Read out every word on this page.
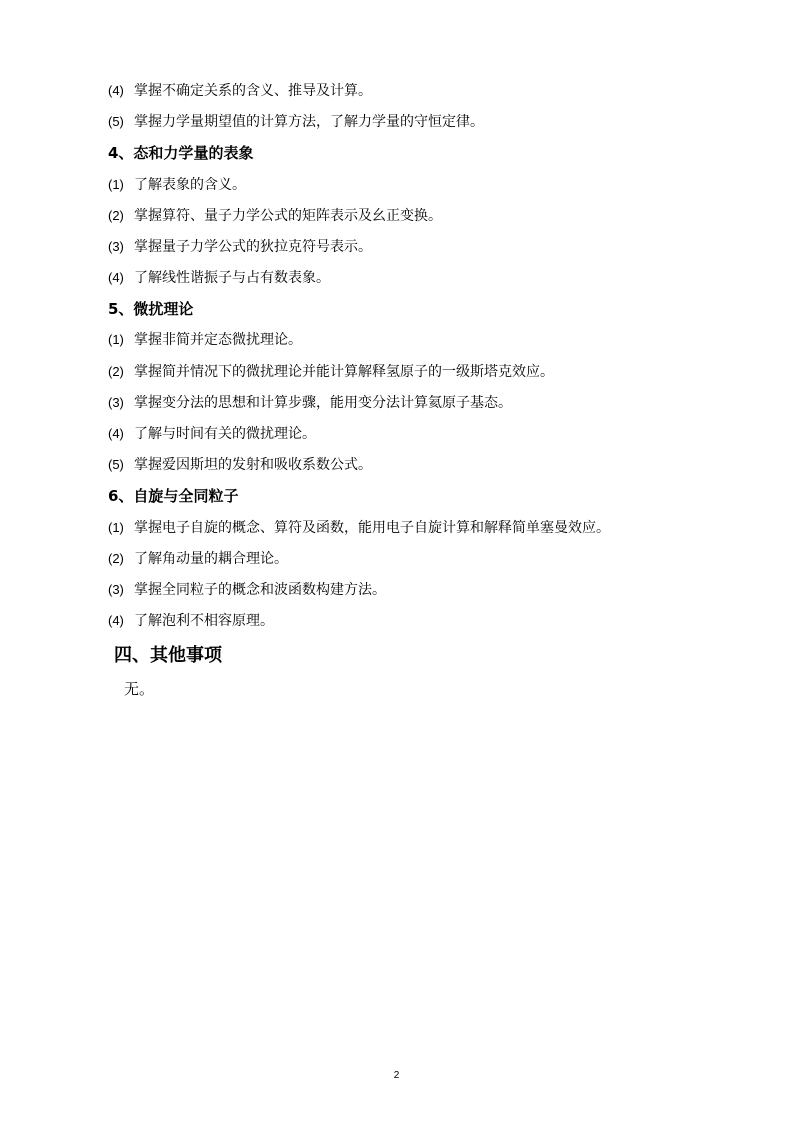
(4) 掌握不确定关系的含义、推导及计算。
(5) 掌握力学量期望值的计算方法，了解力学量的守恒定律。
4、态和力学量的表象
(1) 了解表象的含义。
(2) 掌握算符、量子力学公式的矩阵表示及幺正变换。
(3) 掌握量子力学公式的狄拉克符号表示。
(4) 了解线性谐振子与占有数表象。
5、微扰理论
(1) 掌握非简并定态微扰理论。
(2) 掌握简并情况下的微扰理论并能计算解释氢原子的一级斯塔克效应。
(3) 掌握变分法的思想和计算步骤，能用变分法计算氦原子基态。
(4) 了解与时间有关的微扰理论。
(5) 掌握爱因斯坦的发射和吸收系数公式。
6、自旋与全同粒子
(1) 掌握电子自旋的概念、算符及函数，能用电子自旋计算和解释简单塞曼效应。
(2) 了解角动量的耦合理论。
(3) 掌握全同粒子的概念和波函数构建方法。
(4) 了解泡利不相容原理。
四、其他事项
无。
2
